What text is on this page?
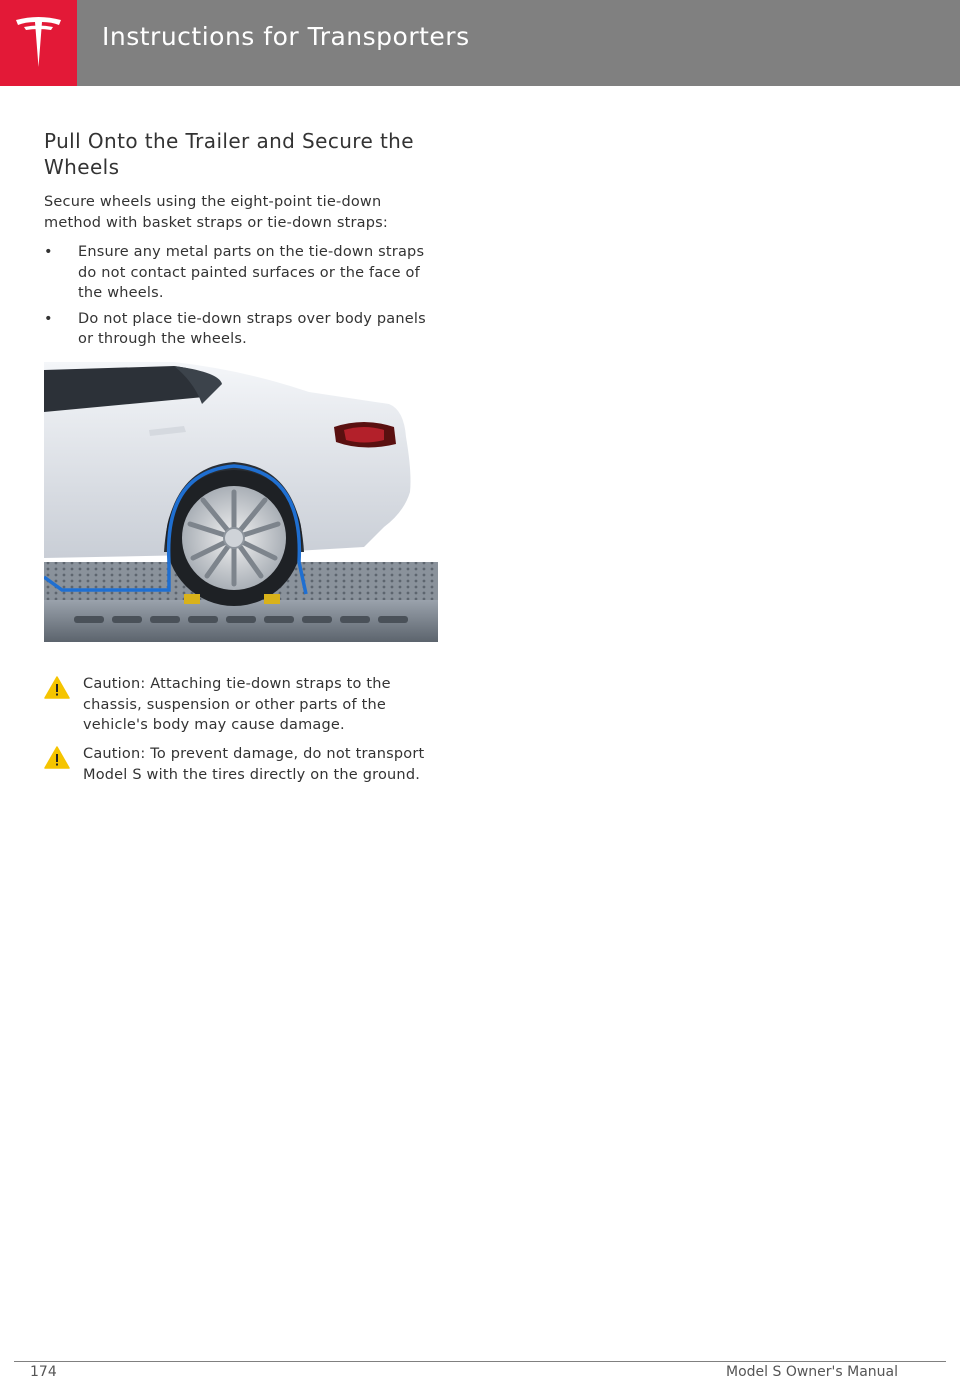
Instructions for Transporters
Pull Onto the Trailer and Secure the Wheels

Secure wheels using the eight-point tie-down method with basket straps or tie-down straps:

• Ensure any metal parts on the tie-down straps do not contact painted surfaces or the face of the wheels.
• Do not place tie-down straps over body panels or through the wheels.
Caution: Attaching tie-down straps to the chassis, suspension or other parts of the vehicle's body may cause damage.
Caution: To prevent damage, do not transport Model S with the tires directly on the ground.
174	Model S Owner's Manual
